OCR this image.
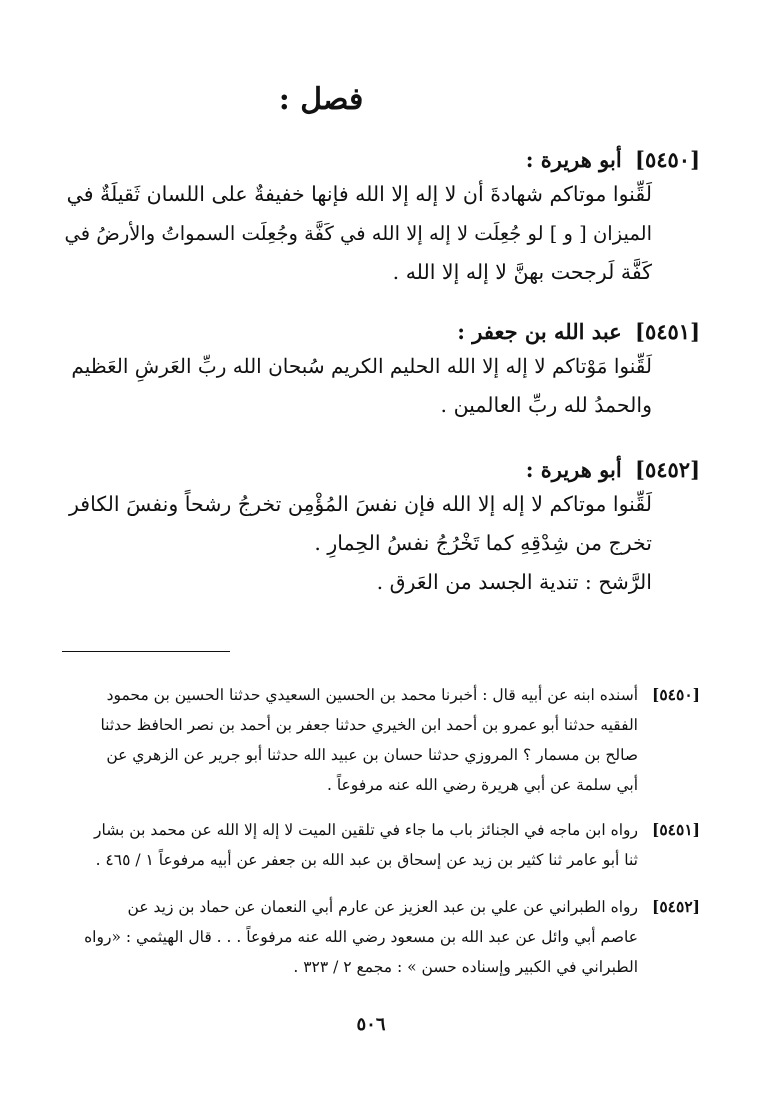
فصل :
[٥٤٥٠] أبو هريرة :
لَقِّنوا موتاكم شهادةَ أن لا إله إلا الله فإنها خفيفةٌ على اللسان ثَقيلَةٌ في
الميزان [ و ] لو جُعِلَت لا إله إلا الله في كَفَّة وجُعِلَت السمواتُ والأرضُ في
كَفَّة لَرجحت بهنَّ لا إله إلا الله .
[٥٤٥١] عبد الله بن جعفر :
لَقِّنوا مَوْتاكم لا إله إلا الله الحليم الكريم سُبحان الله ربِّ العَرشِ العَظيم
والحمدُ لله ربِّ العالمين .
[٥٤٥٢] أبو هريرة :
لَقِّنوا موتاكم لا إله إلا الله فإن نفسَ المُؤْمِن تخرجُ رشحاً ونفسَ الكافر
تخرج من شِدْقِهِ كما تَخْرُجُ نفسُ الحِمارِ .
الرَّشح : تندية الجسد من العَرق .
[٥٤٥٠]
أسنده ابنه عن أبيه قال : أخبرنا محمد بن الحسين السعيدي حدثنا الحسين بن محمود
الفقيه حدثنا أبو عمرو بن أحمد ابن الخيري حدثنا جعفر بن أحمد بن نصر الحافظ حدثنا
صالح بن مسمار ؟ المروزي حدثنا حسان بن عبيد الله حدثنا أبو جرير عن الزهري عن
أبي سلمة عن أبي هريرة رضي الله عنه مرفوعاً .
[٥٤٥١]
رواه ابن ماجه في الجنائز باب ما جاء في تلقين الميت لا إله إلا الله عن محمد بن بشار
ثنا أبو عامر ثنا كثير بن زيد عن إسحاق بن عبد الله بن جعفر عن أبيه مرفوعاً ١ / ٤٦٥ .
[٥٤٥٢]
رواه الطبراني عن علي بن عبد العزيز عن عارم أبي النعمان عن حماد بن زيد عن
عاصم أبي وائل عن عبد الله بن مسعود رضي الله عنه مرفوعاً . . . قال الهيثمي : «رواه
الطبراني في الكبير وإسناده حسن » : مجمع ٢ / ٣٢٣ .
٥٠٦
